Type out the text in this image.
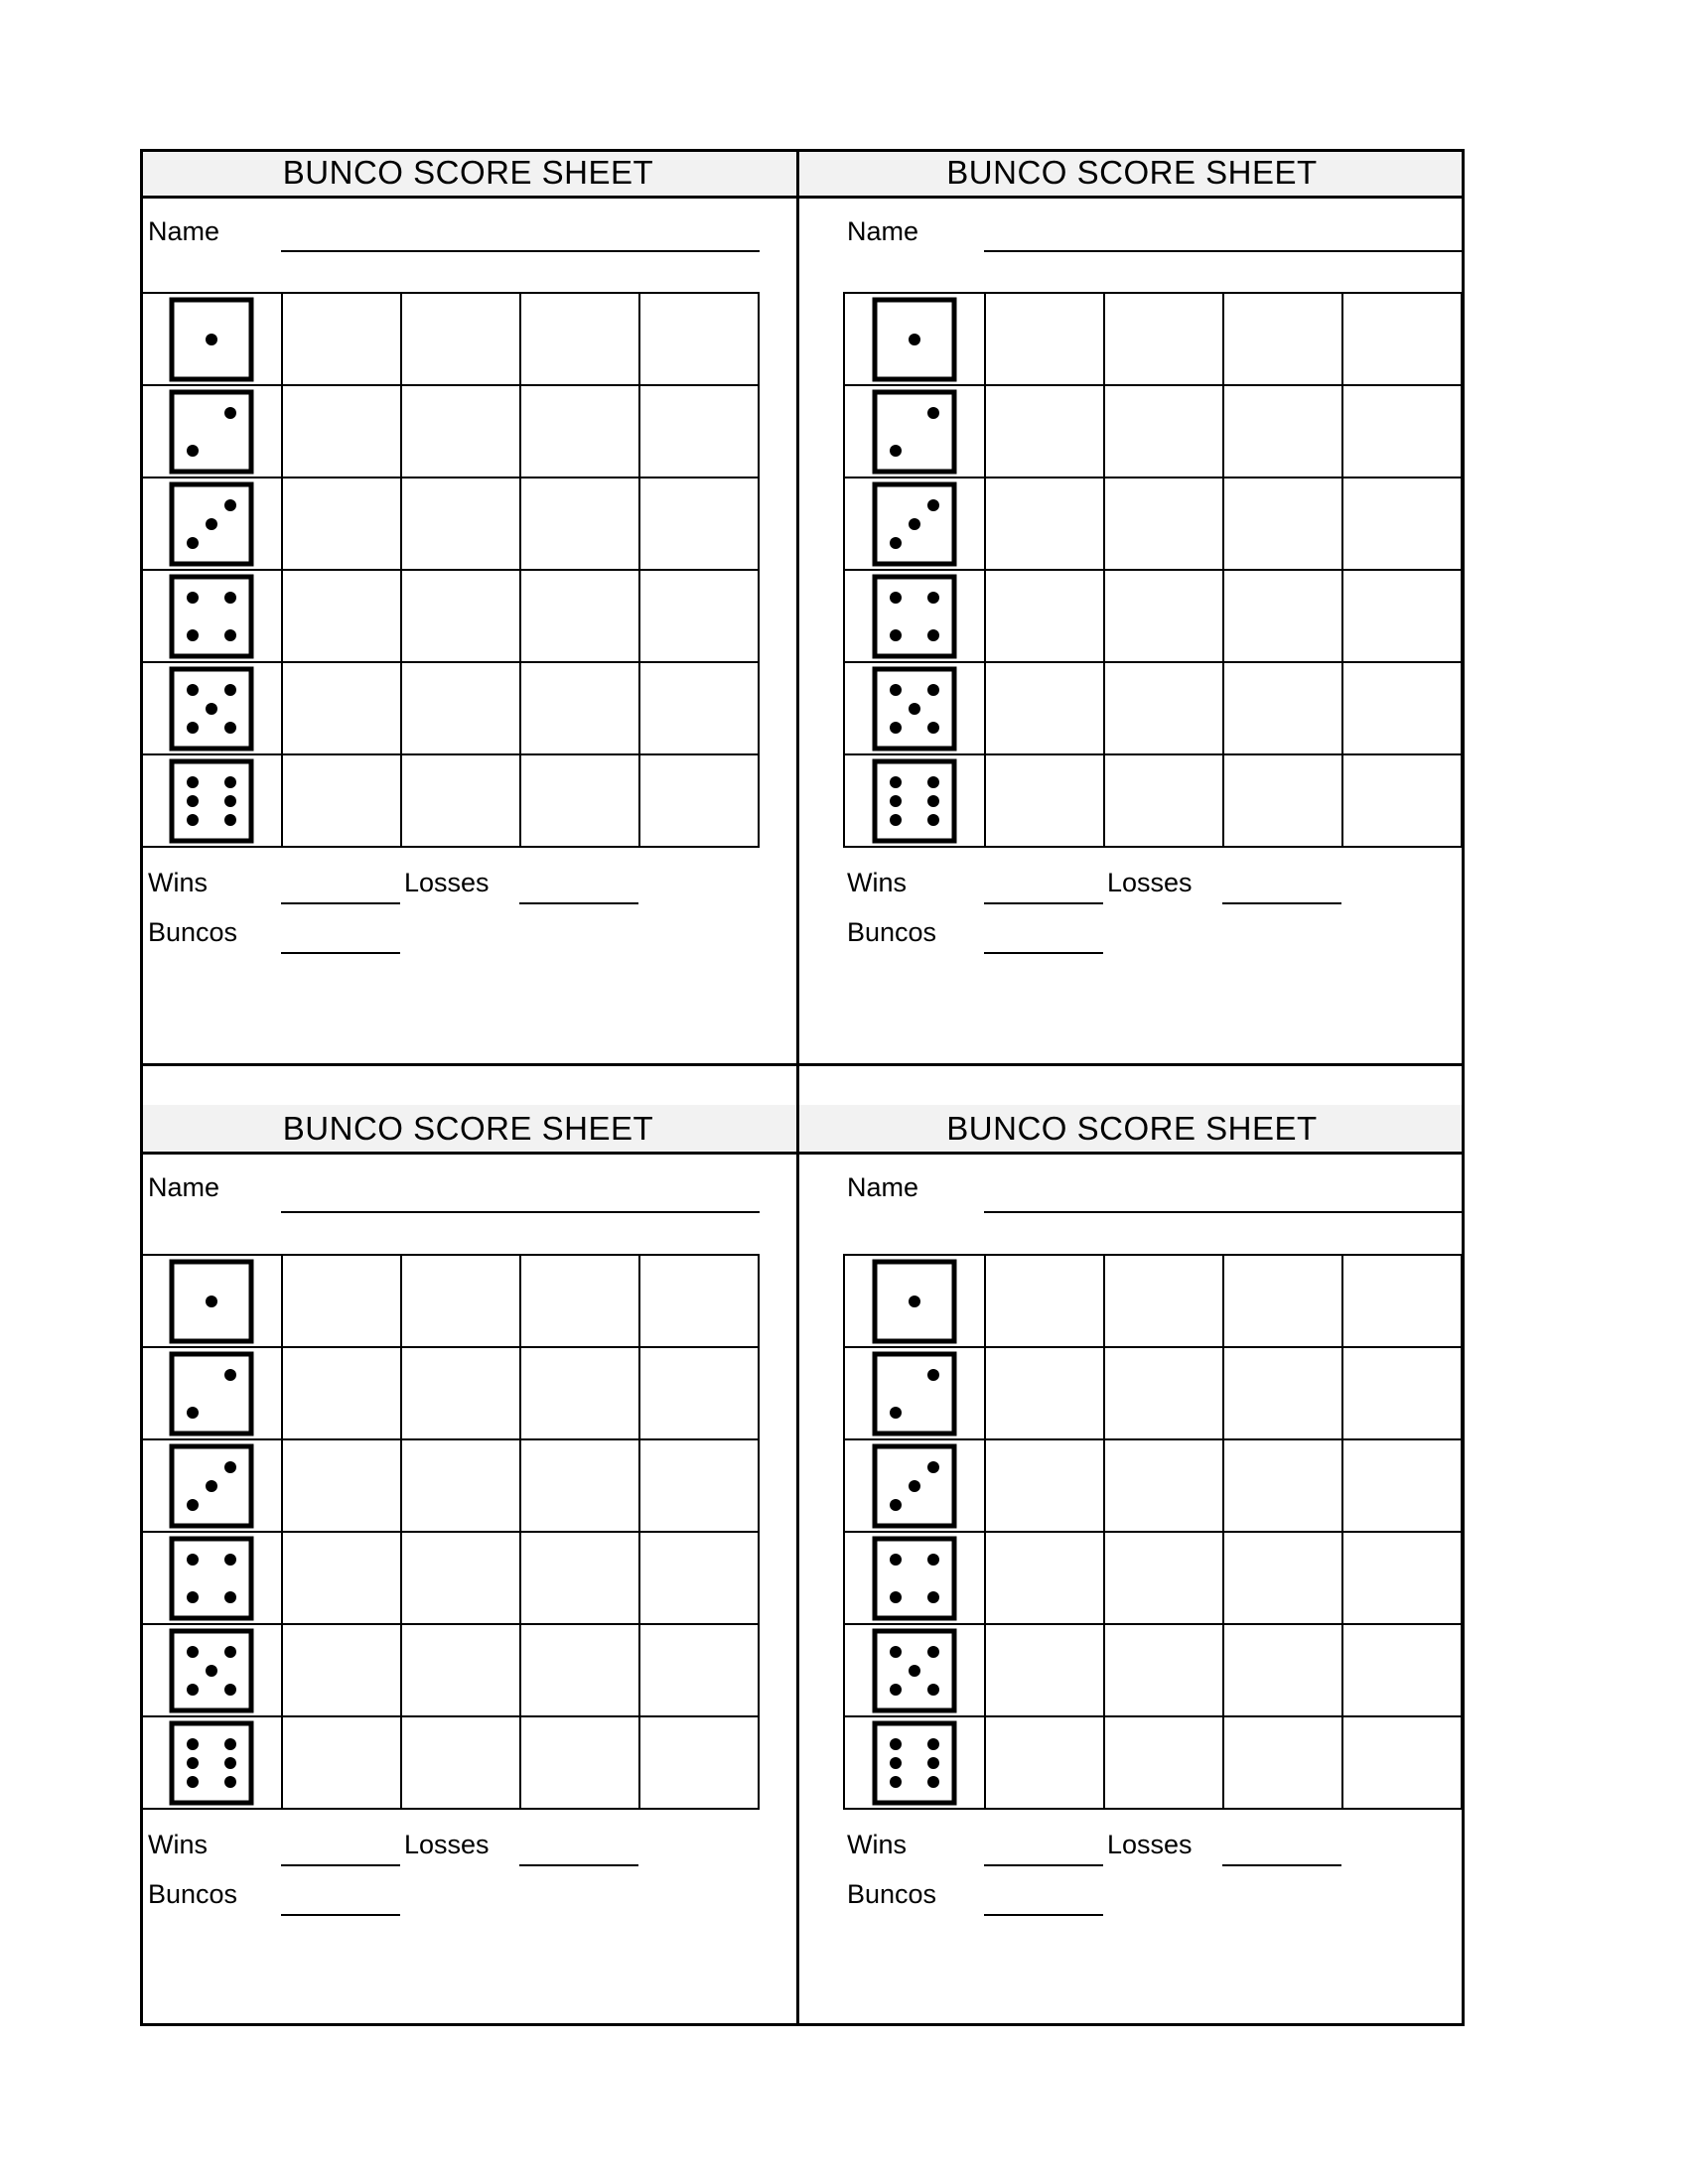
BUNCO SCORE SHEET
Name

Wins	Losses
Buncos
BUNCO SCORE SHEET
Name

Wins	Losses
Buncos
BUNCO SCORE SHEET
Name

Wins	Losses
Buncos
BUNCO SCORE SHEET
Name

Wins	Losses
Buncos
